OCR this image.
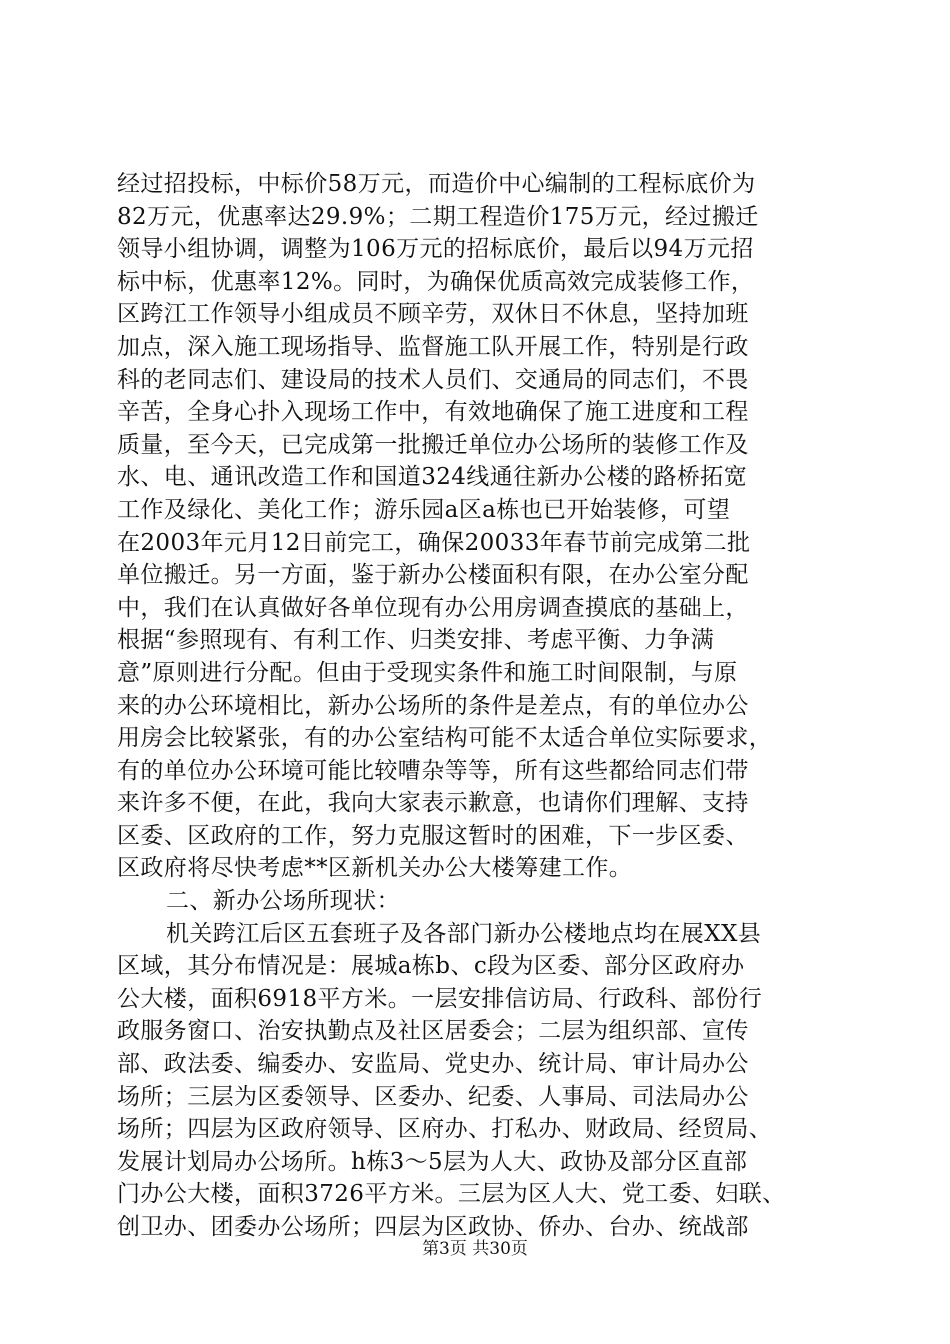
经过招投标，中标价58万元，而造价中心编制的工程标底价为
82万元，优惠率达29.9%；二期工程造价175万元，经过搬迁
领导小组协调，调整为106万元的招标底价，最后以94万元招
标中标，优惠率12%。同时，为确保优质高效完成装修工作，
区跨江工作领导小组成员不顾辛劳，双休日不休息，坚持加班
加点，深入施工现场指导、监督施工队开展工作，特别是行政
科的老同志们、建设局的技术人员们、交通局的同志们，不畏
辛苦，全身心扑入现场工作中，有效地确保了施工进度和工程
质量，至今天，已完成第一批搬迁单位办公场所的装修工作及
水、电、通讯改造工作和国道324线通往新办公楼的路桥拓宽
工作及绿化、美化工作；游乐园a区a栋也已开始装修，可望
在2003年元月12日前完工，确保20033年春节前完成第二批
单位搬迁。另一方面，鉴于新办公楼面积有限，在办公室分配
中，我们在认真做好各单位现有办公用房调查摸底的基础上，
根据“参照现有、有利工作、归类安排、考虑平衡、力争满
意”原则进行分配。但由于受现实条件和施工时间限制，与原
来的办公环境相比，新办公场所的条件是差点，有的单位办公
用房会比较紧张，有的办公室结构可能不太适合单位实际要求，
有的单位办公环境可能比较嘈杂等等，所有这些都给同志们带
来许多不便，在此，我向大家表示歉意，也请你们理解、支持
区委、区政府的工作，努力克服这暂时的困难，下一步区委、
区政府将尽快考虑**区新机关办公大楼筹建工作。
二、新办公场所现状：
机关跨江后区五套班子及各部门新办公楼地点均在展XX县
区域，其分布情况是：展城a栋b、c段为区委、部分区政府办
公大楼，面积6918平方米。一层安排信访局、行政科、部份行
政服务窗口、治安执勤点及社区居委会；二层为组织部、宣传
部、政法委、编委办、安监局、党史办、统计局、审计局办公
场所；三层为区委领导、区委办、纪委、人事局、司法局办公
场所；四层为区政府领导、区府办、打私办、财政局、经贸局、
发展计划局办公场所。h栋3～5层为人大、政协及部分区直部
门办公大楼，面积3726平方米。三层为区人大、党工委、妇联、
创卫办、团委办公场所；四层为区政协、侨办、台办、统战部
第3页 共30页
